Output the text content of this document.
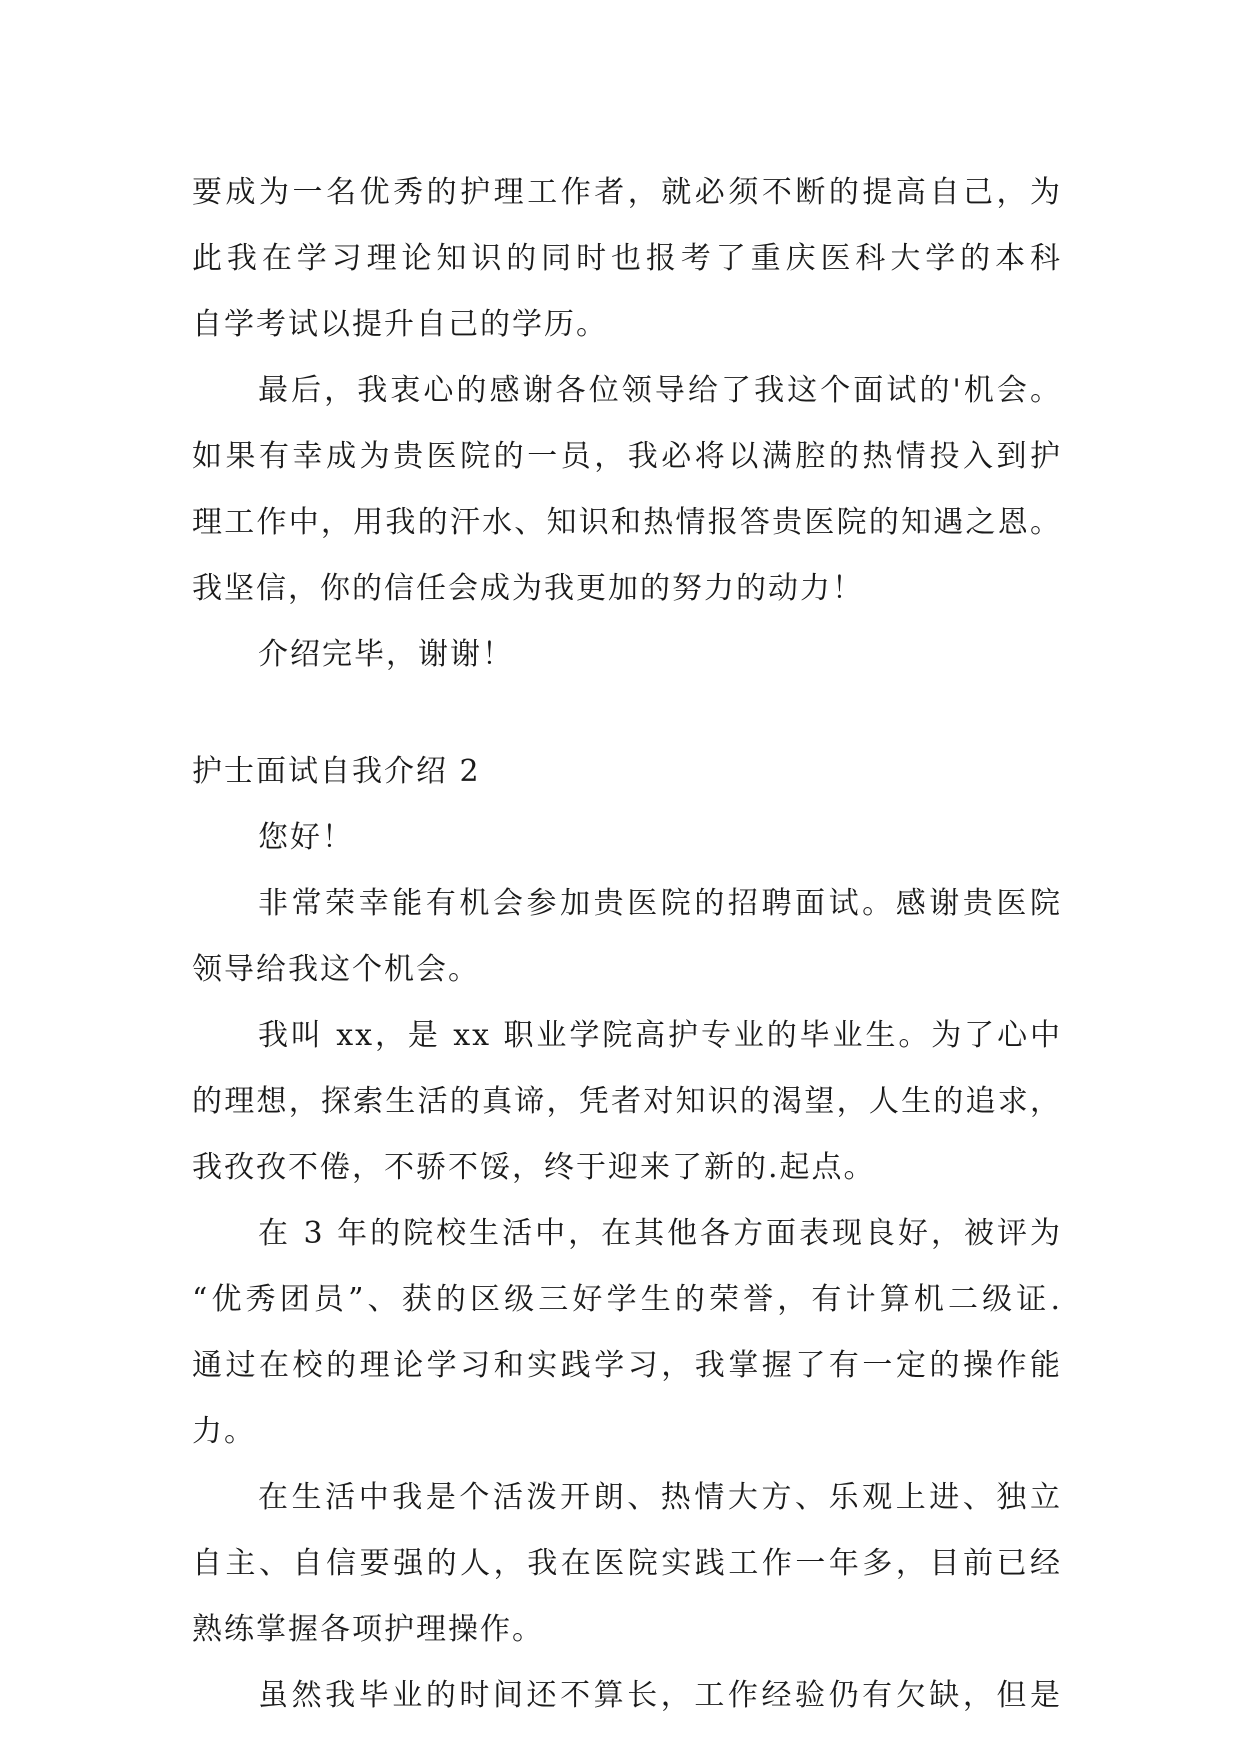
要成为一名优秀的护理工作者，就必须不断的提高自己，为
此我在学习理论知识的同时也报考了重庆医科大学的本科
自学考试以提升自己的学历。
最后，我衷心的感谢各位领导给了我这个面试的'机会。
如果有幸成为贵医院的一员，我必将以满腔的热情投入到护
理工作中，用我的汗水、知识和热情报答贵医院的知遇之恩。
我坚信，你的信任会成为我更加的努力的动力！
介绍完毕，谢谢！
护士面试自我介绍 2
您好！
非常荣幸能有机会参加贵医院的招聘面试。感谢贵医院
领导给我这个机会。
我叫 xx，是 xx 职业学院高护专业的毕业生。为了心中
的理想，探索生活的真谛，凭者对知识的渴望，人生的追求，
我孜孜不倦，不骄不馁，终于迎来了新的.起点。
在 3 年的院校生活中，在其他各方面表现良好，被评为
“优秀团员”、获的区级三好学生的荣誉，有计算机二级证.
通过在校的理论学习和实践学习，我掌握了有一定的操作能
力。
在生活中我是个活泼开朗、热情大方、乐观上进、独立
自主、自信要强的人，我在医院实践工作一年多，目前已经
熟练掌握各项护理操作。
虽然我毕业的时间还不算长，工作经验仍有欠缺，但是
